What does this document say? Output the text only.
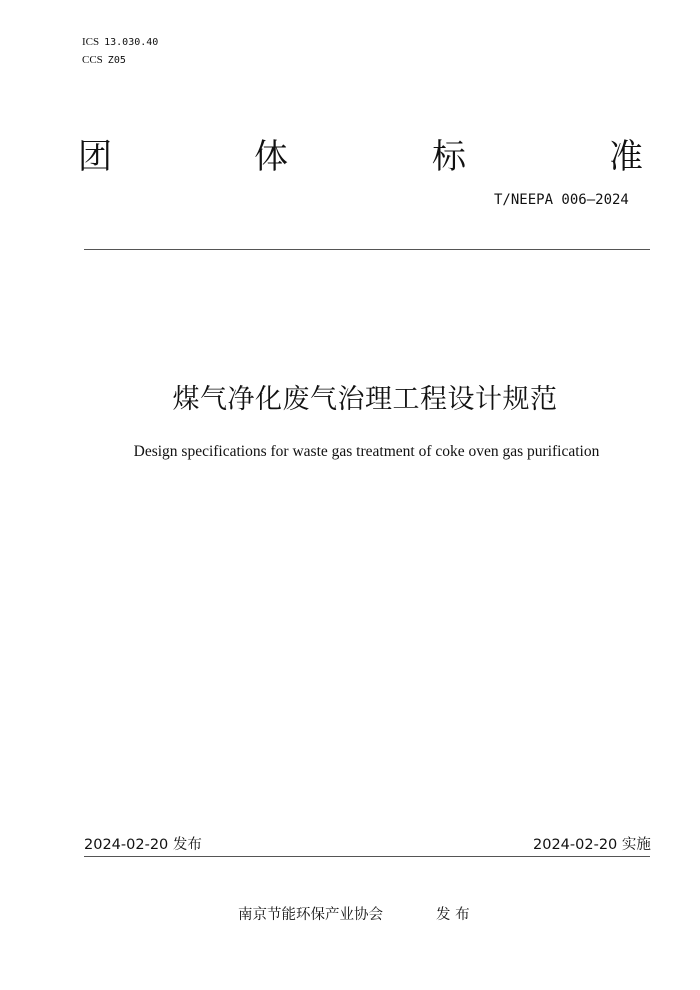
ICS 13.030.40
CCS Z05
团	体	标	准
T/NEEPA 006—2024
煤气净化废气治理工程设计规范
Design specifications for waste gas treatment of coke oven gas purification
2024-02-20 发布	2024-02-20 实施
南京节能环保产业协会	发 布
